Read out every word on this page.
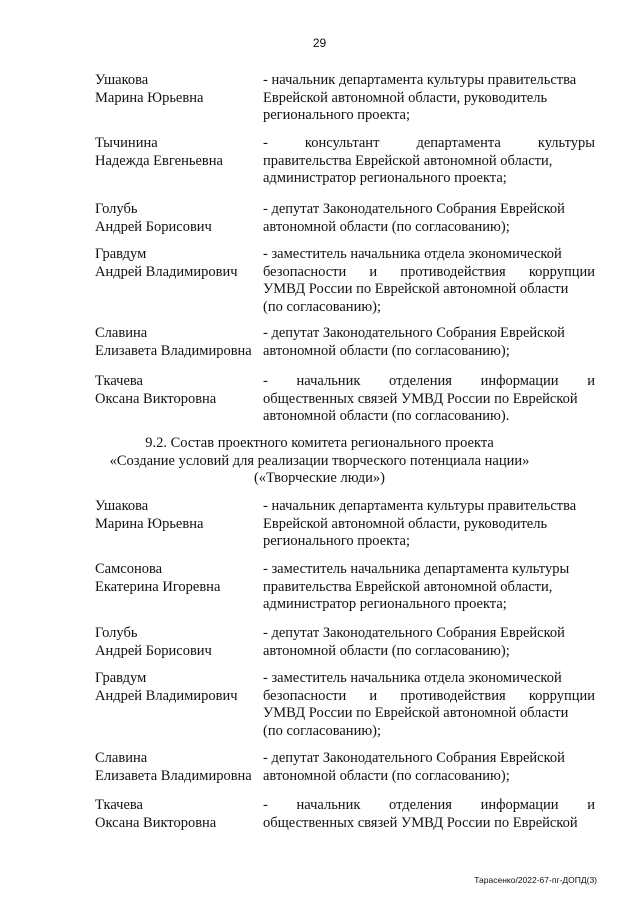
29
Ушакова
Марина Юрьевна
- начальник департамента культуры правительства
Еврейской автономной области, руководитель
регионального проекта;
Тычинина
Надежда Евгеньевна
- консультант департамента культуры
правительства Еврейской автономной области,
администратор регионального проекта;
Голубь
Андрей Борисович
- депутат Законодательного Собрания Еврейской
автономной области (по согласованию);
Гравдум
Андрей Владимирович
- заместитель начальника отдела экономической
безопасности и противодействия коррупции
УМВД России по Еврейской автономной области
(по согласованию);
Славина
Елизавета Владимировна
- депутат Законодательного Собрания Еврейской
автономной области (по согласованию);
Ткачева
Оксана Викторовна
- начальник отделения информации и
общественных связей УМВД России по Еврейской
автономной области (по согласованию).
9.2. Состав проектного комитета регионального проекта
«Создание условий для реализации творческого потенциала нации»
(«Творческие люди»)
Ушакова
Марина Юрьевна
- начальник департамента культуры правительства
Еврейской автономной области, руководитель
регионального проекта;
Самсонова
Екатерина Игоревна
- заместитель начальника департамента культуры
правительства Еврейской автономной области,
администратор регионального проекта;
Голубь
Андрей Борисович
- депутат Законодательного Собрания Еврейской
автономной области (по согласованию);
Гравдум
Андрей Владимирович
- заместитель начальника отдела экономической
безопасности и противодействия коррупции
УМВД России по Еврейской автономной области
(по согласованию);
Славина
Елизавета Владимировна
- депутат Законодательного Собрания Еврейской
автономной области (по согласованию);
Ткачева
Оксана Викторовна
- начальник отделения информации и
общественных связей УМВД России по Еврейской
Тарасенко/2022-67-пг-ДОПД(3)
